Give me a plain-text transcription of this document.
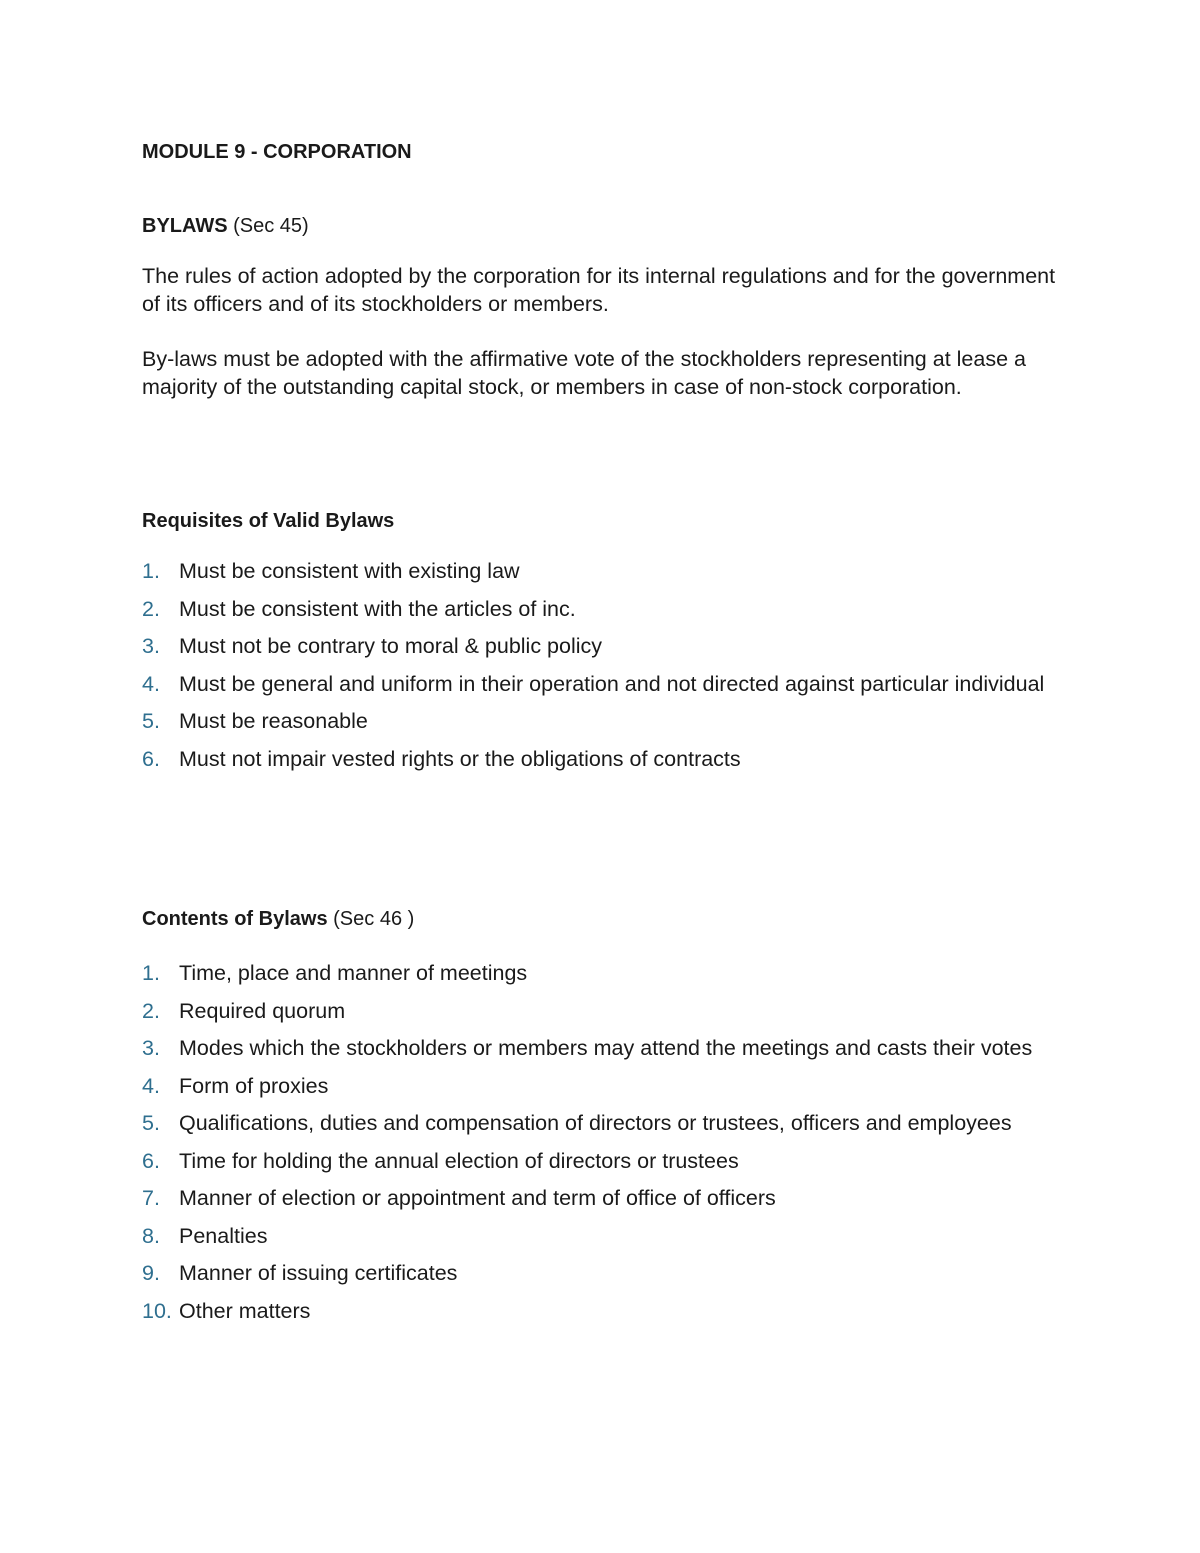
MODULE 9 - CORPORATION
BYLAWS (Sec 45)

The rules of action adopted by the corporation for its internal regulations and for the government of its officers and of its stockholders or members.

By-laws must be adopted with the affirmative vote of the stockholders representing at lease a majority of the outstanding capital stock, or members in case of non-stock corporation.

Requisites of Valid Bylaws
1. Must be consistent with existing law
2. Must be consistent with the articles of inc.
3. Must not be contrary to moral & public policy
4. Must be general and uniform in their operation and not directed against particular individual
5. Must be reasonable
6. Must not impair vested rights or the obligations of contracts
Contents of Bylaws (Sec 46 )
1. Time, place and manner of meetings
2. Required quorum
3. Modes which the stockholders or members may attend the meetings and casts their votes
4. Form of proxies
5. Qualifications, duties and compensation of directors or trustees, officers and employees
6. Time for holding the annual election of directors or trustees
7. Manner of election or appointment and term of office of officers
8. Penalties
9. Manner of issuing certificates
10. Other matters
